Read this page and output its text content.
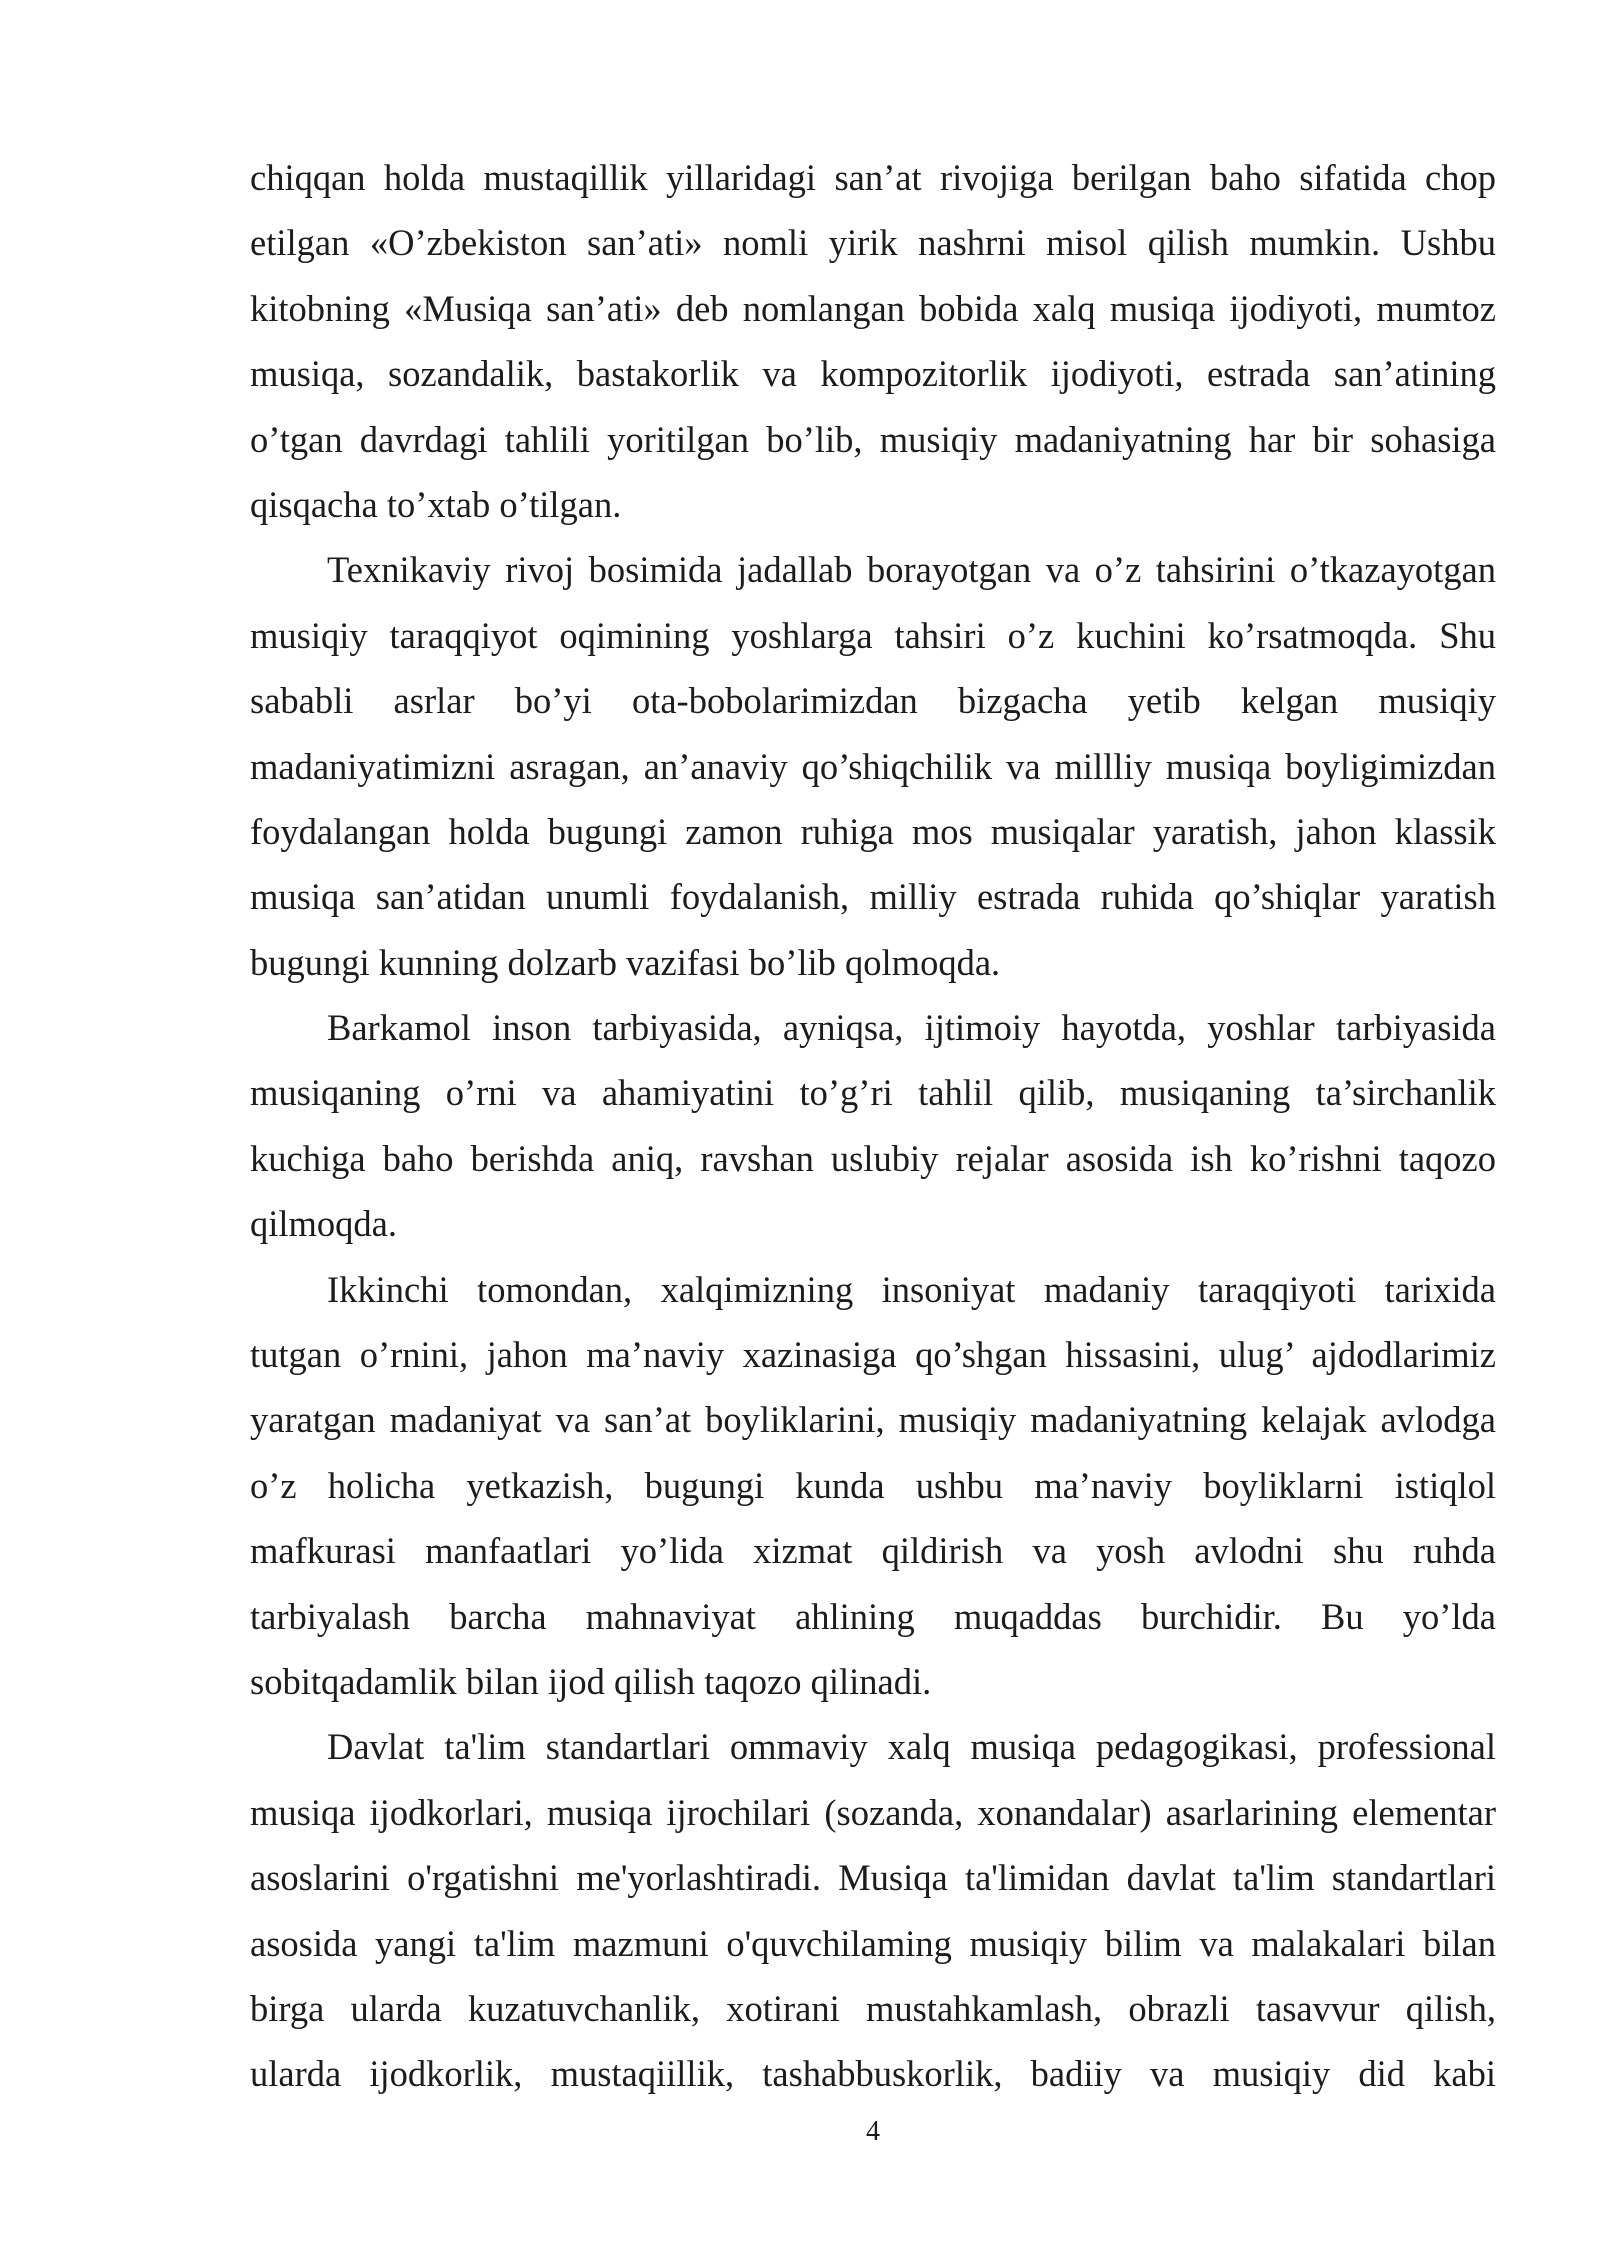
chiqqan holda mustaqillik yillaridagi san’at rivojiga berilgan baho sifatida chop
etilgan «O’zbekiston san’ati» nomli yirik nashrni misol qilish mumkin. Ushbu
kitobning «Musiqa san’ati» deb nomlangan bobida xalq musiqa ijodiyoti, mumtoz
musiqa, sozandalik, bastakorlik va kompozitorlik ijodiyoti, estrada san’atining
o’tgan davrdagi tahlili yoritilgan bo’lib, musiqiy madaniyatning har bir sohasiga
qisqacha to’xtab o’tilgan.
Texnikaviy rivoj bosimida jadallab borayotgan va o’z tahsirini o’tkazayotgan
musiqiy taraqqiyot oqimining yoshlarga tahsiri o’z kuchini ko’rsatmoqda. Shu
sababli asrlar bo’yi ota-bobolarimizdan bizgacha yetib kelgan musiqiy
madaniyatimizni asragan, an’anaviy qo’shiqchilik va millliy musiqa boyligimizdan
foydalangan holda bugungi zamon ruhiga mos musiqalar yaratish, jahon klassik
musiqa san’atidan unumli foydalanish, milliy estrada ruhida qo’shiqlar yaratish
bugungi kunning dolzarb vazifasi bo’lib qolmoqda.
Barkamol inson tarbiyasida, ayniqsa, ijtimoiy hayotda, yoshlar tarbiyasida
musiqaning o’rni va ahamiyatini to’g’ri tahlil qilib, musiqaning ta’sirchanlik
kuchiga baho berishda aniq, ravshan uslubiy rejalar asosida ish ko’rishni taqozo
qilmoqda.
Ikkinchi tomondan, xalqimizning insoniyat madaniy taraqqiyoti tarixida
tutgan o’rnini, jahon ma’naviy xazinasiga qo’shgan hissasini, ulug’ ajdodlarimiz
yaratgan madaniyat va san’at boyliklarini, musiqiy madaniyatning kelajak avlodga
o’z holicha yetkazish, bugungi kunda ushbu ma’naviy boyliklarni istiqlol
mafkurasi manfaatlari yo’lida xizmat qildirish va yosh avlodni shu ruhda
tarbiyalash barcha mahnaviyat ahlining muqaddas burchidir. Bu yo’lda
sobitqadamlik bilan ijod qilish taqozo qilinadi.
Davlat ta'lim standartlari ommaviy xalq musiqa pedagogikasi, professional
musiqa ijodkorlari, musiqa ijrochilari (sozanda, xonandalar) asarlarining elementar
asoslarini o'rgatishni me'yorlashtiradi. Musiqa ta'limidan davlat ta'lim standartlari
asosida yangi ta'lim mazmuni o'quvchilaming musiqiy bilim va malakalari bilan
birga ularda kuzatuvchanlik, xotirani mustahkamlash, obrazli tasavvur qilish,
ularda ijodkorlik, mustaqiillik, tashabbuskorlik, badiiy va musiqiy did kabi
4
